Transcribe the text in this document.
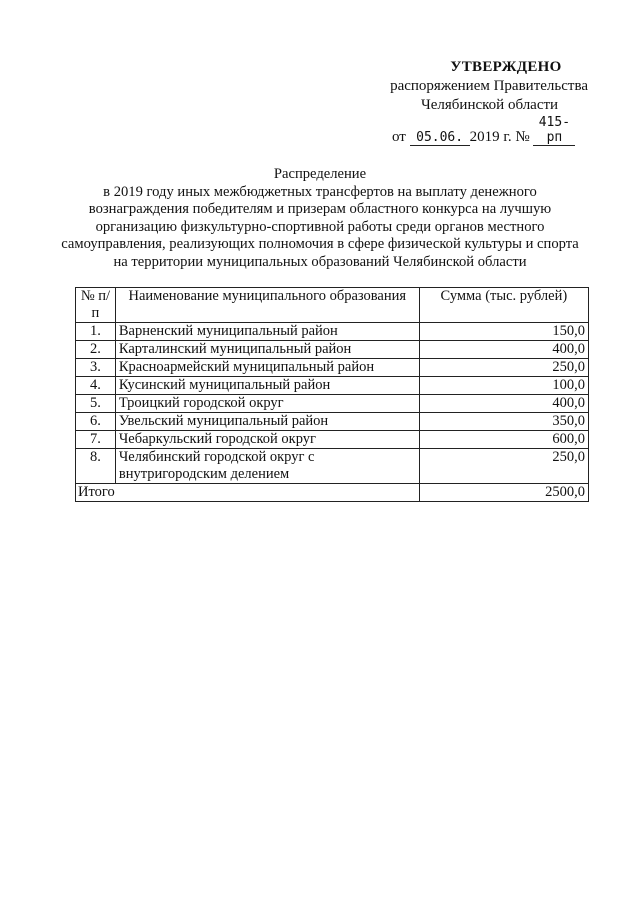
УТВЕРЖДЕНО
распоряжением Правительства
Челябинской области
от 05.06. 2019 г. № 415-рп
Распределение
в 2019 году иных межбюджетных трансфертов на выплату денежного вознаграждения победителям и призерам областного конкурса на лучшую организацию физкультурно-спортивной работы среди органов местного самоуправления, реализующих полномочия в сфере физической культуры и спорта на территории муниципальных образований Челябинской области
№ п/п	Наименование муниципального образования	Сумма (тыс. рублей)
1.	Варненский муниципальный район	150,0
2.	Карталинский муниципальный район	400,0
3.	Красноармейский муниципальный район	250,0
4.	Кусинский муниципальный район	100,0
5.	Троицкий городской округ	400,0
6.	Увельский муниципальный район	350,0
7.	Чебаркульский городской округ	600,0
8.	Челябинский городской округ с внутригородским делением	250,0
Итого		2500,0
